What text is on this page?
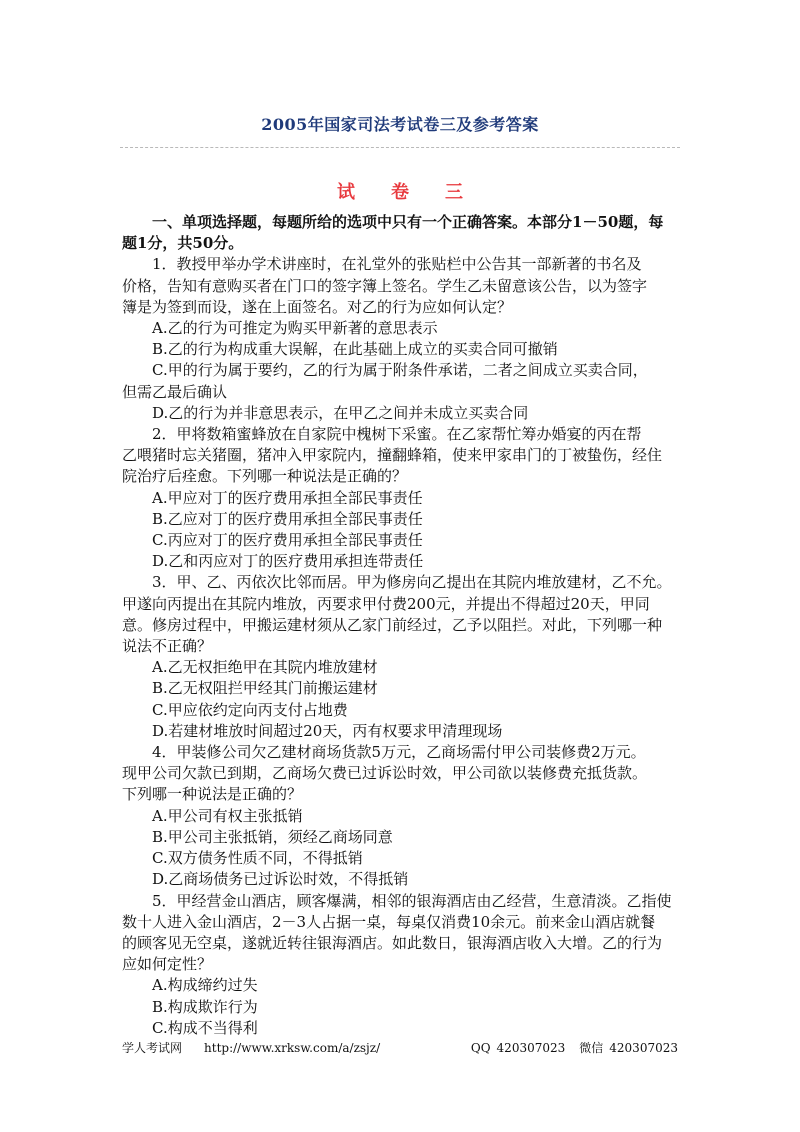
2005年国家司法考试卷三及参考答案
试 卷 三
一、单项选择题，每题所给的选项中只有一个正确答案。本部分1－50题，每
题1分，共50分。
1．教授甲举办学术讲座时，在礼堂外的张贴栏中公告其一部新著的书名及
价格，告知有意购买者在门口的签字簿上签名。学生乙未留意该公告，以为签字
簿是为签到而设，遂在上面签名。对乙的行为应如何认定？
A.乙的行为可推定为购买甲新著的意思表示
B.乙的行为构成重大误解，在此基础上成立的买卖合同可撤销
C.甲的行为属于要约，乙的行为属于附条件承诺，二者之间成立买卖合同，
但需乙最后确认
D.乙的行为并非意思表示，在甲乙之间并未成立买卖合同
2．甲将数箱蜜蜂放在自家院中槐树下采蜜。在乙家帮忙筹办婚宴的丙在帮
乙喂猪时忘关猪圈，猪冲入甲家院内，撞翻蜂箱，使来甲家串门的丁被蛰伤，经住
院治疗后痊愈。下列哪一种说法是正确的？
A.甲应对丁的医疗费用承担全部民事责任
B.乙应对丁的医疗费用承担全部民事责任
C.丙应对丁的医疗费用承担全部民事责任
D.乙和丙应对丁的医疗费用承担连带责任
3．甲、乙、丙依次比邻而居。甲为修房向乙提出在其院内堆放建材，乙不允。
甲遂向丙提出在其院内堆放，丙要求甲付费200元，并提出不得超过20天，甲同
意。修房过程中，甲搬运建材须从乙家门前经过，乙予以阻拦。对此，下列哪一种
说法不正确？
A.乙无权拒绝甲在其院内堆放建材
B.乙无权阻拦甲经其门前搬运建材
C.甲应依约定向丙支付占地费
D.若建材堆放时间超过20天，丙有权要求甲清理现场
4．甲装修公司欠乙建材商场货款5万元，乙商场需付甲公司装修费2万元。
现甲公司欠款已到期，乙商场欠费已过诉讼时效，甲公司欲以装修费充抵货款。
下列哪一种说法是正确的？
A.甲公司有权主张抵销
B.甲公司主张抵销，须经乙商场同意
C.双方债务性质不同，不得抵销
D.乙商场债务已过诉讼时效，不得抵销
5．甲经营金山酒店，顾客爆满，相邻的银海酒店由乙经营，生意清淡。乙指使
数十人进入金山酒店，2－3人占据一桌，每桌仅消费10余元。前来金山酒店就餐
的顾客见无空桌，遂就近转往银海酒店。如此数日，银海酒店收入大增。乙的行为
应如何定性？
A.构成缔约过失
B.构成欺诈行为
C.构成不当得利
学人考试网 http://www.xrksw.com/a/zsjz/	QQ 420307023 微信 420307023
